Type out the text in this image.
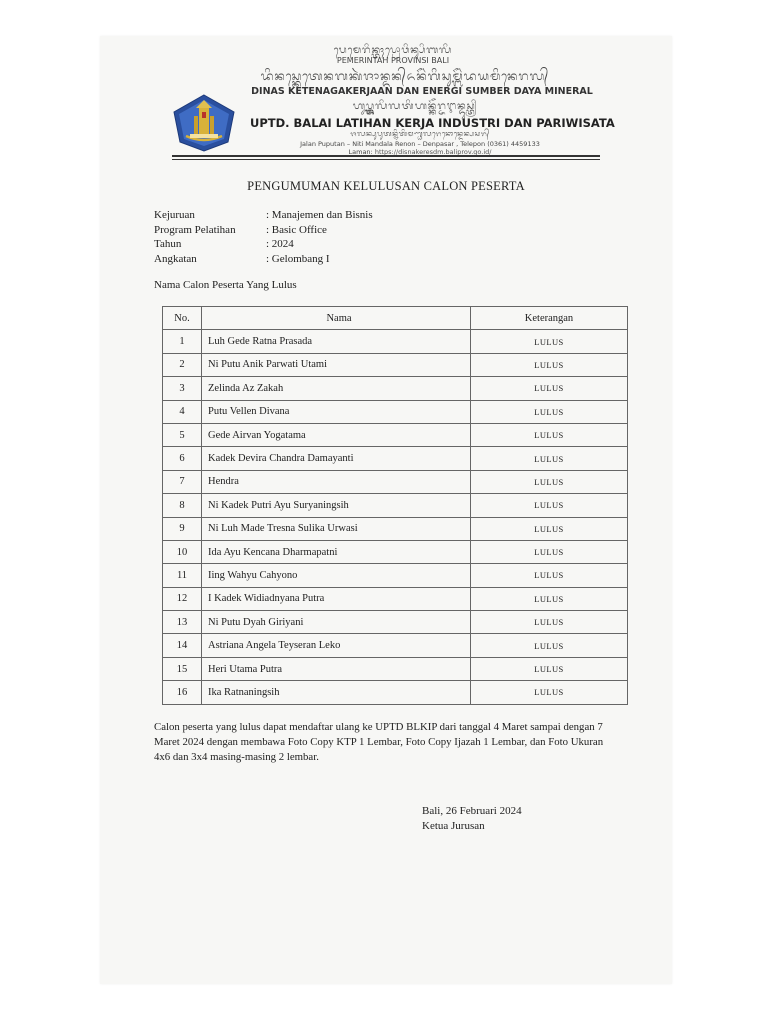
ᬧᬾᬫᬾᬭᬶᬦ᭄ᬢᬄᬧ᭄ᬭᭀᬯᬶᬦ᭄ᬲᬶᬩᬮᬶ
PEMERINTAH PROVINSI BALI
ᬤᬶᬦᬲ᭄ᬓᬾᬢᬾᬦᬕᬓᬃᬚᬵᬦ᭄ᬤᬦ᭄ᬏᬦᭂᬃᬕᬶᬲᬸᬫ᭄ᬩᭂᬃᬤᬬᬫᬶᬦᬾᬭᬮ᭄
DINAS KETENAGAKERJAAN DAN ENERGI SUMBER DAYA MINERAL
ᬳᬸᬧ᭄ᬢ᭄ᬤ᭄ᬩᬮᬶᬮᬢᬶᬳᬦ᭄ᬓᭂᬭ᭄ᬚᬇᬦ᭄ᬤᬸᬲ᭄ᬢ᭄ᬭᬶ
UPTD. BALAI LATIHAN KERJA INDUSTRI DAN PARIWISATA
ᬚᬮᬦ᭄ᬧᬸᬧᬸᬢᬦ᭄ᬦᬶᬢᬶᬫᬡ᭄ᬥᬮᬭᬾᬦᭀᬦ᭄ᬤᬾᬦ᭄ᬧᬲᬭ᭄
Jalan Puputan – Niti Mandala Renon – Denpasar , Telepon (0361) 4459133
Laman: https://disnakeresdm.baliprov.go.id/
PENGUMUMAN KELULUSAN CALON PESERTA
Kejuruan	: Manajemen dan Bisnis
Program Pelatihan	: Basic Office
Tahun	: 2024
Angkatan	: Gelombang I
Nama Calon Peserta Yang Lulus
No.	Nama	Keterangan
1	Luh Gede Ratna Prasada	LULUS
2	Ni Putu Anik Parwati Utami	LULUS
3	Zelinda Az Zakah	LULUS
4	Putu Vellen Divana	LULUS
5	Gede Airvan Yogatama	LULUS
6	Kadek Devira Chandra Damayanti	LULUS
7	Hendra	LULUS
8	Ni Kadek Putri Ayu Suryaningsih	LULUS
9	Ni Luh Made Tresna Sulika Urwasi	LULUS
10	Ida Ayu Kencana Dharmapatni	LULUS
11	Iing Wahyu Cahyono	LULUS
12	I Kadek Widiadnyana Putra	LULUS
13	Ni Putu Dyah Giriyani	LULUS
14	Astriana Angela Teyseran Leko	LULUS
15	Heri Utama Putra	LULUS
16	Ika Ratnaningsih	LULUS
Calon peserta yang lulus dapat mendaftar ulang ke UPTD BLKIP dari tanggal 4 Maret sampai dengan 7 Maret 2024 dengan membawa Foto Copy KTP 1 Lembar, Foto Copy Ijazah 1 Lembar, dan Foto Ukuran 4x6 dan 3x4 masing-masing 2 lembar.
Bali, 26 Februari 2024
Ketua Jurusan
